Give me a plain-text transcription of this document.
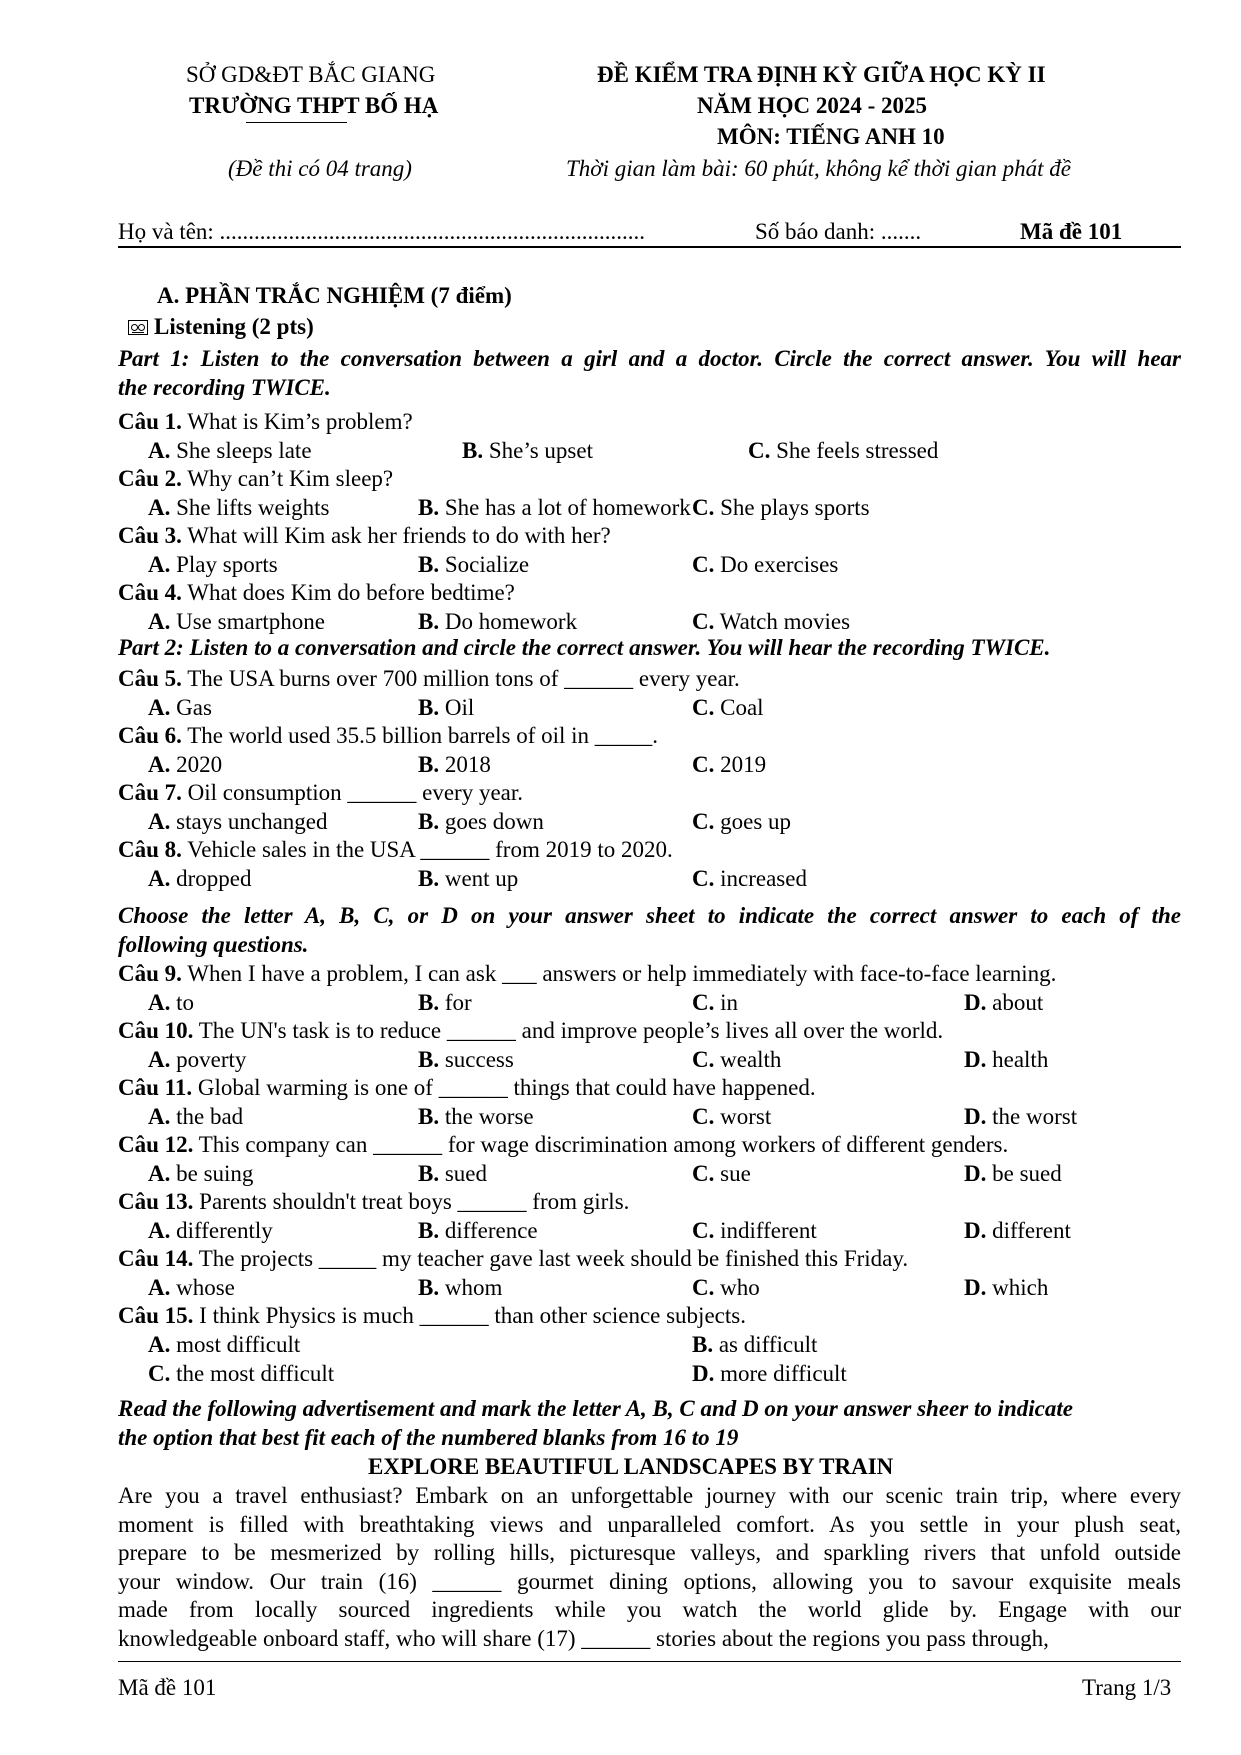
SỞ GD&ĐT BẮC GIANG
TRƯỜNG THPT BỐ HẠ
(Đề thi có 04 trang)
ĐỀ KIỂM TRA ĐỊNH KỲ GIỮA HỌC KỲ II
NĂM HỌC 2024 - 2025
MÔN: TIẾNG ANH 10
Thời gian làm bài: 60 phút, không kể thời gian phát đề
Họ và tên: ..........................................................................	Số báo danh: .......	Mã đề 101
A. PHẦN TRẮC NGHIỆM (7 điểm)
Listening (2 pts)
Part 1: Listen to the conversation between a girl and a doctor. Circle the correct answer. You will hear
the recording TWICE.
Câu 1. What is Kim’s problem?
A. She sleeps late	B. She’s upset	C. She feels stressed
Câu 2. Why can’t Kim sleep?
A. She lifts weights	B. She has a lot of homework C. She plays sports
Câu 3. What will Kim ask her friends to do with her?
A. Play sports	B. Socialize	C. Do exercises
Câu 4. What does Kim do before bedtime?
A. Use smartphone	B. Do homework	C. Watch movies
Câu 5. The USA burns over 700 million tons of ______ every year.
A. Gas	B. Oil	C. Coal
Câu 6. The world used 35.5 billion barrels of oil in _____.
A. 2020	B. 2018	C. 2019
Câu 7. Oil consumption ______ every year.
A. stays unchanged	B. goes down	C. goes up
Câu 8. Vehicle sales in the USA ______ from 2019 to 2020.
A. dropped	B. went up	C. increased
Câu 9. When I have a problem, I can ask ___ answers or help immediately with face-to-face learning.
A. to	B. for	C. in	D. about
Câu 10. The UN's task is to reduce ______ and improve people’s lives all over the world.
A. poverty	B. success	C. wealth	D. health
Câu 11. Global warming is one of ______ things that could have happened.
A. the bad	B. the worse	C. worst	D. the worst
Câu 12. This company can ______ for wage discrimination among workers of different genders.
A. be suing	B. sued	C. sue	D. be sued
Câu 13. Parents shouldn't treat boys ______ from girls.
A. differently	B. difference	C. indifferent	D. different
Câu 14. The projects _____ my teacher gave last week should be finished this Friday.
A. whose	B. whom	C. who	D. which
Câu 15. I think Physics is much ______ than other science subjects.
A. most difficult	B. as difficult
C. the most difficult	D. more difficult
Part 2: Listen to a conversation and circle the correct answer. You will hear the recording TWICE.
Choose the letter A, B, C, or D on your answer sheet to indicate the correct answer to each of the
following questions.
Read the following advertisement and mark the letter A, B, C and D on your answer sheer to indicate
the option that best fit each of the numbered blanks from 16 to 19
EXPLORE BEAUTIFUL LANDSCAPES BY TRAIN
Are you a travel enthusiast? Embark on an unforgettable journey with our scenic train trip, where every
moment is filled with breathtaking views and unparalleled comfort. As you settle in your plush seat,
prepare to be mesmerized by rolling hills, picturesque valleys, and sparkling rivers that unfold outside
your window. Our train (16) ______ gourmet dining options, allowing you to savour exquisite meals
made from locally sourced ingredients while you watch the world glide by. Engage with our
knowledgeable onboard staff, who will share (17) ______ stories about the regions you pass through,
Mã đề 101	Trang 1/3
